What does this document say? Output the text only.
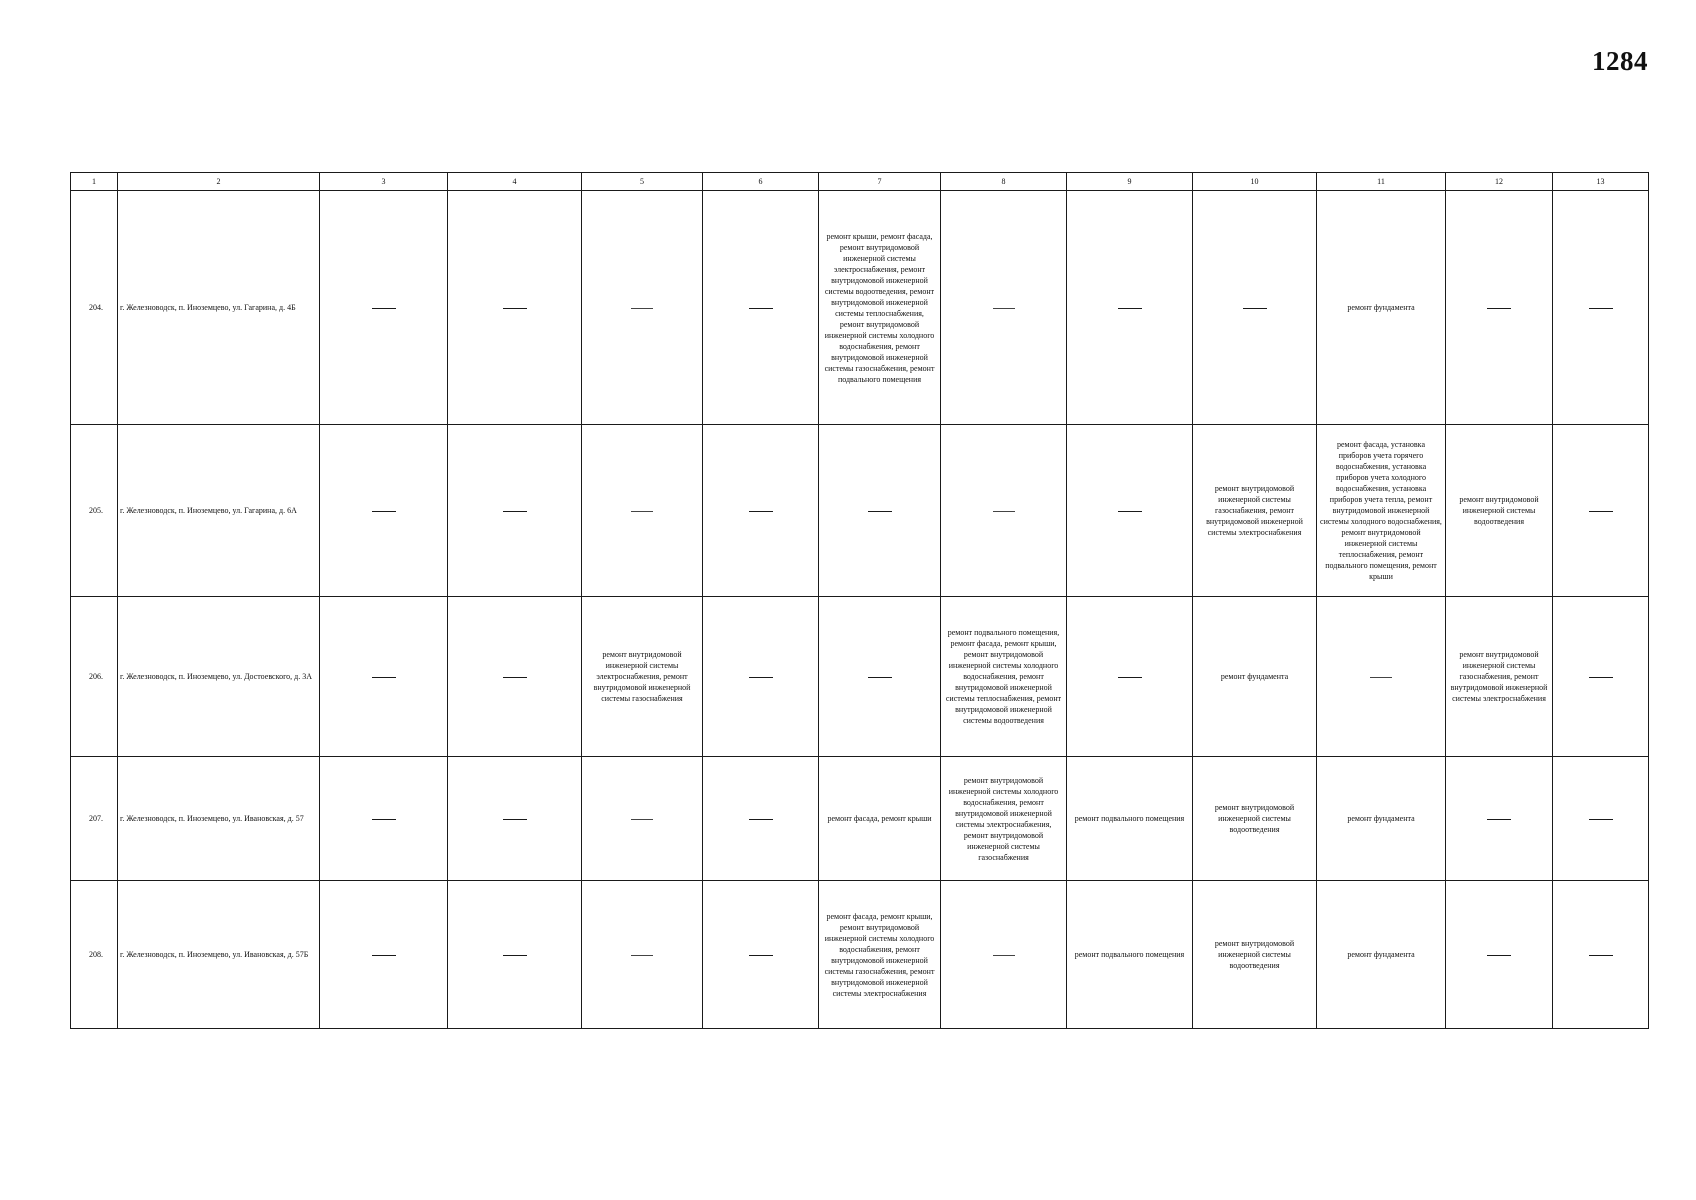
1284
1	2	3	4	5	6	7	8	9	10	11	12	13
204.	г. Железноводск, п. Иноземцево, ул. Гагарина, д. 4Б					ремонт крыши, ремонт фасада, ремонт внутридомовой инженерной системы электроснабжения, ремонт внутридомовой инженерной системы водоотведения, ремонт внутридомовой инженерной системы теплоснабжения, ремонт внутридомовой инженерной системы холодного водоснабжения, ремонт внутридомовой инженерной системы газоснабжения, ремонт подвального помещения				ремонт фундамента		
205.	г. Железноводск, п. Иноземцево, ул. Гагарина, д. 6А								ремонт внутридомовой инженерной системы газоснабжения, ремонт внутридомовой инженерной системы электроснабжения	ремонт фасада, установка приборов учета горячего водоснабжения, установка приборов учета холодного водоснабжения, установка приборов учета тепла, ремонт внутридомовой инженерной системы холодного водоснабжения, ремонт внутридомовой инженерной системы теплоснабжения, ремонт подвального помещения, ремонт крыши	ремонт внутридомовой инженерной системы водоотведения	
206.	г. Железноводск, п. Иноземцево, ул. Достоевского, д. 3А			ремонт внутридомовой инженерной системы электроснабжения, ремонт внутридомовой инженерной системы газоснабжения			ремонт подвального помещения, ремонт фасада, ремонт крыши, ремонт внутридомовой инженерной системы холодного водоснабжения, ремонт внутридомовой инженерной системы теплоснабжения, ремонт внутридомовой инженерной системы водоотведения		ремонт фундамента		ремонт внутридомовой инженерной системы газоснабжения, ремонт внутридомовой инженерной системы электроснабжения	
207.	г. Железноводск, п. Иноземцево, ул. Ивановская, д. 57					ремонт фасада, ремонт крыши	ремонт внутридомовой инженерной системы холодного водоснабжения, ремонт внутридомовой инженерной системы электроснабжения, ремонт внутридомовой инженерной системы газоснабжения	ремонт подвального помещения	ремонт внутридомовой инженерной системы водоотведения	ремонт фундамента		
208.	г. Железноводск, п. Иноземцево, ул. Ивановская, д. 57Б					ремонт фасада, ремонт крыши, ремонт внутридомовой инженерной системы холодного водоснабжения, ремонт внутридомовой инженерной системы газоснабжения, ремонт внутридомовой инженерной системы электроснабжения		ремонт подвального помещения	ремонт внутридомовой инженерной системы водоотведения	ремонт фундамента		
